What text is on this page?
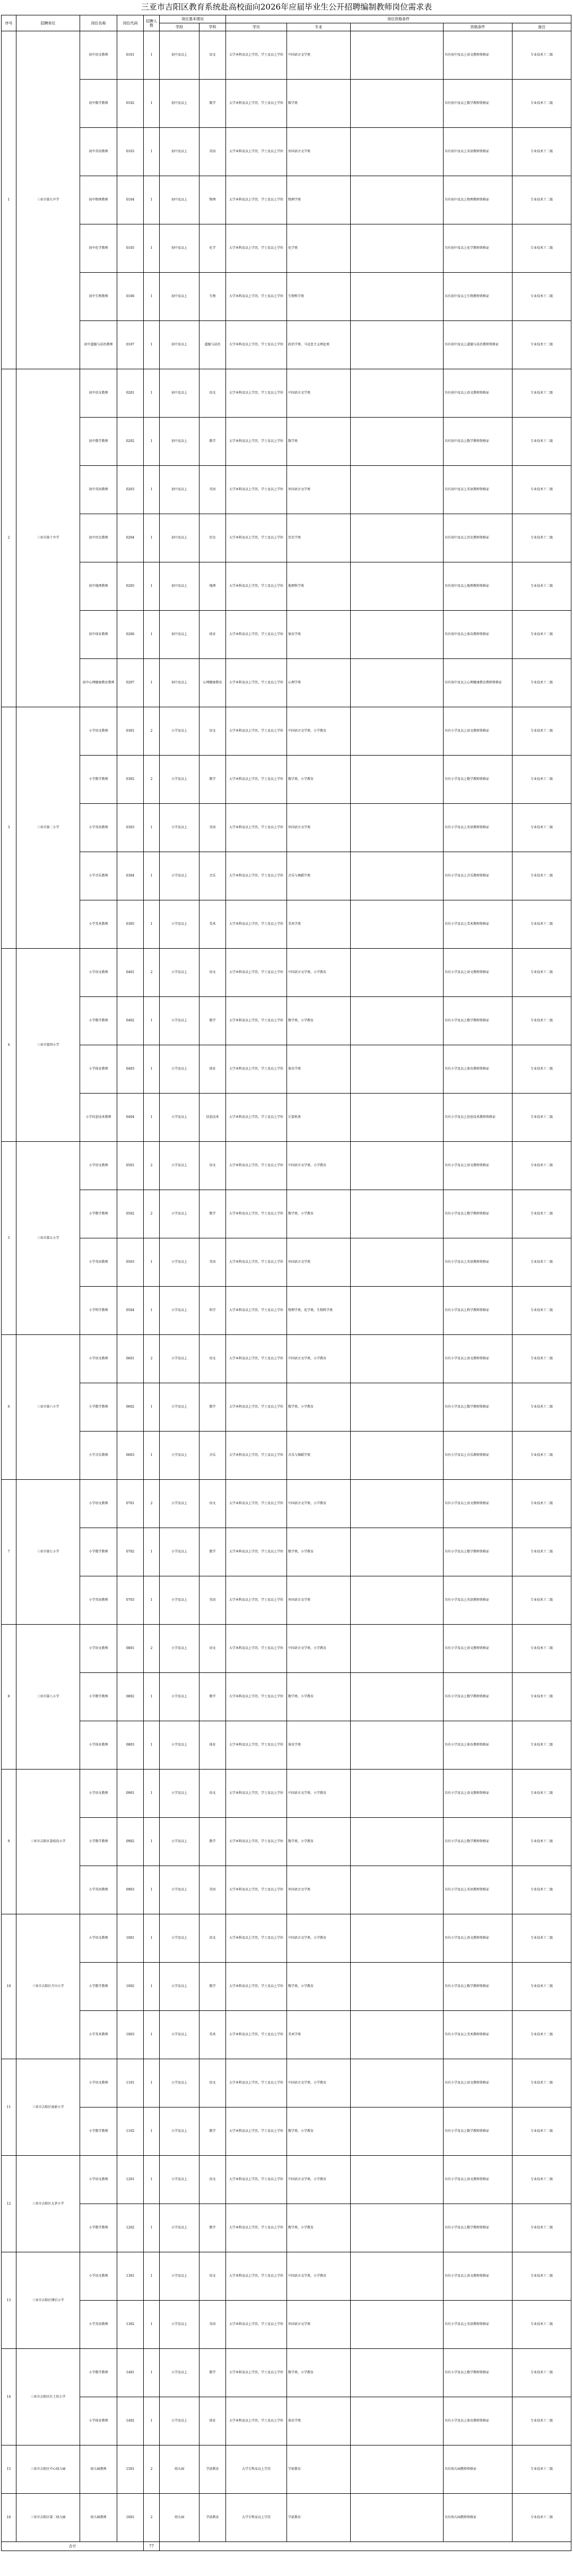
三亚市吉阳区教育系统赴高校面向2026年应届毕业生公开招聘编制教师岗位需求表
序号	招聘单位	岗位名称	岗位代码	招聘人数	岗位基本情况		岗位资格条件				
					学段	学科	学历	专业		资格条件	备注
1	三亚市第九中学	初中语文教师	0101	1	初中及以上	语文	大学本科及以上学历，学士及以上学位	中国语言文学类		具有初中及以上语文教师资格证	专业技术十二级
		初中数学教师	0102	1	初中及以上	数学	大学本科及以上学历，学士及以上学位	数学类		具有初中及以上数学教师资格证	专业技术十二级
		初中英语教师	0103	1	初中及以上	英语	大学本科及以上学历，学士及以上学位	外国语言文学类		具有初中及以上英语教师资格证	专业技术十二级
		初中物理教师	0104	1	初中及以上	物理	大学本科及以上学历，学士及以上学位	物理学类		具有初中及以上物理教师资格证	专业技术十二级
		初中化学教师	0105	1	初中及以上	化学	大学本科及以上学历，学士及以上学位	化学类		具有初中及以上化学教师资格证	专业技术十二级
		初中生物教师	0106	1	初中及以上	生物	大学本科及以上学历，学士及以上学位	生物科学类		具有初中及以上生物教师资格证	专业技术十二级
		初中道德与法治教师	0107	1	初中及以上	道德与法治	大学本科及以上学历，学士及以上学位	政治学类、马克思主义理论类		具有初中及以上道德与法治教师资格证	专业技术十二级
2	三亚市第十中学	初中语文教师	0201	1	初中及以上	语文	大学本科及以上学历，学士及以上学位	中国语言文学类		具有初中及以上语文教师资格证	专业技术十二级
		初中数学教师	0202	1	初中及以上	数学	大学本科及以上学历，学士及以上学位	数学类		具有初中及以上数学教师资格证	专业技术十二级
		初中英语教师	0203	1	初中及以上	英语	大学本科及以上学历，学士及以上学位	外国语言文学类		具有初中及以上英语教师资格证	专业技术十二级
		初中历史教师	0204	1	初中及以上	历史	大学本科及以上学历，学士及以上学位	历史学类		具有初中及以上历史教师资格证	专业技术十二级
		初中地理教师	0205	1	初中及以上	地理	大学本科及以上学历，学士及以上学位	地理科学类		具有初中及以上地理教师资格证	专业技术十二级
		初中体育教师	0206	1	初中及以上	体育	大学本科及以上学历，学士及以上学位	体育学类		具有初中及以上体育教师资格证	专业技术十二级
		初中心理健康教育教师	0207	1	初中及以上	心理健康教育	大学本科及以上学历，学士及以上学位	心理学类		具有初中及以上心理健康教育教师资格证	专业技术十二级
3	三亚市第二小学	小学语文教师	0301	2	小学及以上	语文	大学本科及以上学历，学士及以上学位	中国语言文学类、小学教育		具有小学及以上语文教师资格证	专业技术十二级
		小学数学教师	0302	2	小学及以上	数学	大学本科及以上学历，学士及以上学位	数学类、小学教育		具有小学及以上数学教师资格证	专业技术十二级
		小学英语教师	0303	1	小学及以上	英语	大学本科及以上学历，学士及以上学位	外国语言文学类		具有小学及以上英语教师资格证	专业技术十二级
		小学音乐教师	0304	1	小学及以上	音乐	大学本科及以上学历，学士及以上学位	音乐与舞蹈学类		具有小学及以上音乐教师资格证	专业技术十二级
		小学美术教师	0305	1	小学及以上	美术	大学本科及以上学历，学士及以上学位	美术学类		具有小学及以上美术教师资格证	专业技术十二级
4	三亚市第四小学	小学语文教师	0401	2	小学及以上	语文	大学本科及以上学历，学士及以上学位	中国语言文学类、小学教育		具有小学及以上语文教师资格证	专业技术十二级
		小学数学教师	0402	1	小学及以上	数学	大学本科及以上学历，学士及以上学位	数学类、小学教育		具有小学及以上数学教师资格证	专业技术十二级
		小学体育教师	0403	1	小学及以上	体育	大学本科及以上学历，学士及以上学位	体育学类		具有小学及以上体育教师资格证	专业技术十二级
		小学信息技术教师	0404	1	小学及以上	信息技术	大学本科及以上学历，学士及以上学位	计算机类		具有小学及以上信息技术教师资格证	专业技术十二级
5	三亚市第五小学	小学语文教师	0501	2	小学及以上	语文	大学本科及以上学历，学士及以上学位	中国语言文学类、小学教育		具有小学及以上语文教师资格证	专业技术十二级
		小学数学教师	0502	2	小学及以上	数学	大学本科及以上学历，学士及以上学位	数学类、小学教育		具有小学及以上数学教师资格证	专业技术十二级
		小学英语教师	0503	1	小学及以上	英语	大学本科及以上学历，学士及以上学位	外国语言文学类		具有小学及以上英语教师资格证	专业技术十二级
		小学科学教师	0504	1	小学及以上	科学	大学本科及以上学历，学士及以上学位	物理学类、化学类、生物科学类		具有小学及以上科学教师资格证	专业技术十二级
6	三亚市第六小学	小学语文教师	0601	2	小学及以上	语文	大学本科及以上学历，学士及以上学位	中国语言文学类、小学教育		具有小学及以上语文教师资格证	专业技术十二级
		小学数学教师	0602	1	小学及以上	数学	大学本科及以上学历，学士及以上学位	数学类、小学教育		具有小学及以上数学教师资格证	专业技术十二级
		小学音乐教师	0603	1	小学及以上	音乐	大学本科及以上学历，学士及以上学位	音乐与舞蹈学类		具有小学及以上音乐教师资格证	专业技术十二级
7	三亚市第七小学	小学语文教师	0701	2	小学及以上	语文	大学本科及以上学历，学士及以上学位	中国语言文学类、小学教育		具有小学及以上语文教师资格证	专业技术十二级
		小学数学教师	0702	1	小学及以上	数学	大学本科及以上学历，学士及以上学位	数学类、小学教育		具有小学及以上数学教师资格证	专业技术十二级
		小学英语教师	0703	1	小学及以上	英语	大学本科及以上学历，学士及以上学位	外国语言文学类		具有小学及以上英语教师资格证	专业技术十二级
8	三亚市第八小学	小学语文教师	0801	2	小学及以上	语文	大学本科及以上学历，学士及以上学位	中国语言文学类、小学教育		具有小学及以上语文教师资格证	专业技术十二级
		小学数学教师	0802	1	小学及以上	数学	大学本科及以上学历，学士及以上学位	数学类、小学教育		具有小学及以上数学教师资格证	专业技术十二级
		小学体育教师	0803	1	小学及以上	体育	大学本科及以上学历，学士及以上学位	体育学类		具有小学及以上体育教师资格证	专业技术十二级
9	三亚市吉阳区荔枝沟小学	小学语文教师	0901	1	小学及以上	语文	大学本科及以上学历，学士及以上学位	中国语言文学类、小学教育		具有小学及以上语文教师资格证	专业技术十二级
		小学数学教师	0902	1	小学及以上	数学	大学本科及以上学历，学士及以上学位	数学类、小学教育		具有小学及以上数学教师资格证	专业技术十二级
		小学英语教师	0903	1	小学及以上	英语	大学本科及以上学历，学士及以上学位	外国语言文学类		具有小学及以上英语教师资格证	专业技术十二级
10	三亚市吉阳区月川小学	小学语文教师	1001	1	小学及以上	语文	大学本科及以上学历，学士及以上学位	中国语言文学类、小学教育		具有小学及以上语文教师资格证	专业技术十二级
		小学数学教师	1002	1	小学及以上	数学	大学本科及以上学历，学士及以上学位	数学类、小学教育		具有小学及以上数学教师资格证	专业技术十二级
		小学美术教师	1003	1	小学及以上	美术	大学本科及以上学历，学士及以上学位	美术学类		具有小学及以上美术教师资格证	专业技术十二级
11	三亚市吉阳区南新小学	小学语文教师	1101	1	小学及以上	语文	大学本科及以上学历，学士及以上学位	中国语言文学类、小学教育		具有小学及以上语文教师资格证	专业技术十二级
		小学数学教师	1102	1	小学及以上	数学	大学本科及以上学历，学士及以上学位	数学类、小学教育		具有小学及以上数学教师资格证	专业技术十二级
12	三亚市吉阳区大茅小学	小学语文教师	1201	1	小学及以上	语文	大学本科及以上学历，学士及以上学位	中国语言文学类、小学教育		具有小学及以上语文教师资格证	专业技术十二级
		小学数学教师	1202	1	小学及以上	数学	大学本科及以上学历，学士及以上学位	数学类、小学教育		具有小学及以上数学教师资格证	专业技术十二级
13	三亚市吉阳区博后小学	小学语文教师	1301	1	小学及以上	语文	大学本科及以上学历，学士及以上学位	中国语言文学类、小学教育		具有小学及以上语文教师资格证	专业技术十二级
		小学英语教师	1302	1	小学及以上	英语	大学本科及以上学历，学士及以上学位	外国语言文学类		具有小学及以上英语教师资格证	专业技术十二级
14	三亚市吉阳区红土坎小学	小学数学教师	1401	1	小学及以上	数学	大学本科及以上学历，学士及以上学位	数学类、小学教育		具有小学及以上数学教师资格证	专业技术十二级
		小学体育教师	1402	1	小学及以上	体育	大学本科及以上学历，学士及以上学位	体育学类		具有小学及以上体育教师资格证	专业技术十二级
15	三亚市吉阳区中心幼儿园	幼儿园教师	1501	2	幼儿园	学前教育	大学专科及以上学历	学前教育		具有幼儿园教师资格证	专业技术十二级
16	三亚市吉阳区第二幼儿园	幼儿园教师	1601	2	幼儿园	学前教育	大学专科及以上学历	学前教育		具有幼儿园教师资格证	专业技术十二级
合计				77							
